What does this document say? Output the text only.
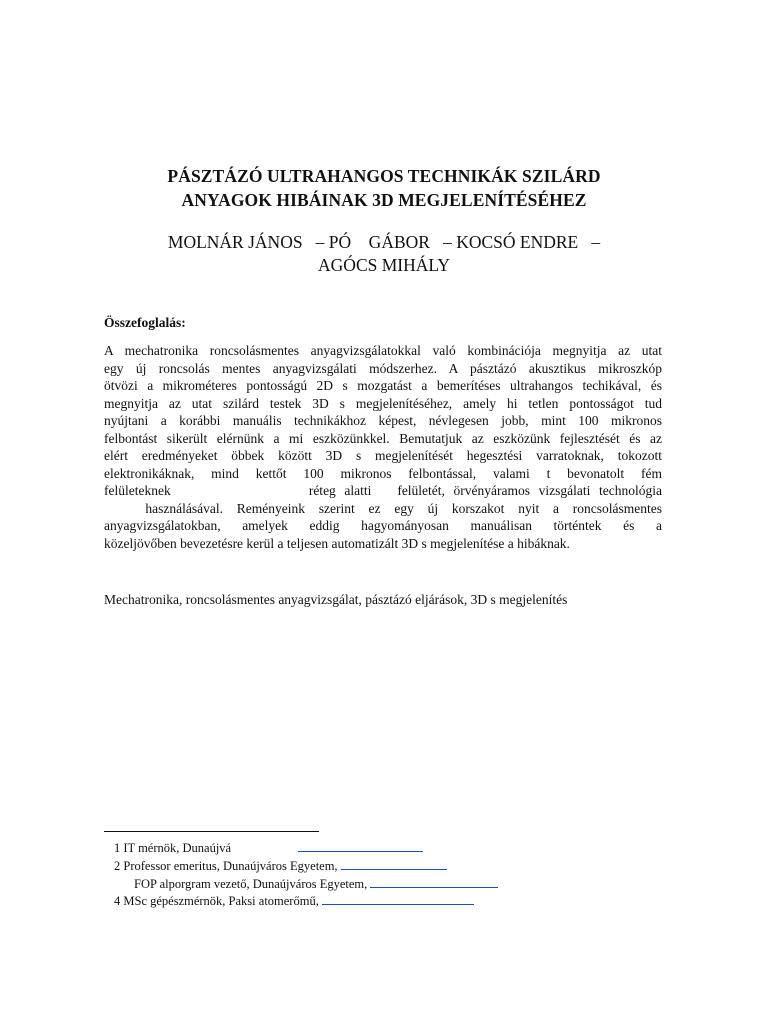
PÁSZTÁZÓ ULTRAHANGOS TECHNIKÁK SZILÁRD
ANYAGOK HIBÁINAK 3D MEGJELENÍTÉSÉHEZ
MOLNÁR JÁNOS   – PÓ    GÁBOR   – KOCSÓ ENDRE   –
AGÓCS MIHÁLY
Összefoglalás:
A mechatronika roncsolásmentes anyagvizsgálatokkal való kombinációja megnyitja az utat
egy új roncsolás mentes anyagvizsgálati módszerhez. A pásztázó akusztikus mikroszkóp
ötvözi a mikrométeres pontosságú 2D s mozgatást a bemerítéses ultrahangos techikával, és
megnyitja az utat szilárd testek 3D s megjelenítéséhez, amely hi tetlen pontosságot tud
nyújtani a korábbi manuális technikákhoz képest, névlegesen jobb, mint 100 mikronos
felbontást sikerült elérnünk a mi eszközünkkel. Bemutatjuk az eszközünk fejlesztését és az
elért eredményeket öbbek között 3D s megjelenítését hegesztési varratoknak, tokozott
elektronikáknak, mind kettőt 100 mikronos felbontással, valami t bevonatolt fém
felületeknek                réteg alatti   felületét, örvényáramos vizsgálati technológia
használásával. Reményeink szerint ez egy új korszakot nyit a roncsolásmentes
anyagvizsgálatokban, amelyek eddig hagyományosan manuálisan történtek és a
közeljövőben bevezetésre kerül a teljesen automatizált 3D s megjelenítése a hibáknak.
Mechatronika, roncsolásmentes anyagvizsgálat, pásztázó eljárások, 3D s megjelenítés
1 IT mérnök, Dunaújvá
2 Professor emeritus, Dunaújváros Egyetem,
FOP alporgram vezető, Dunaújváros Egyetem,
4 MSc gépészmérnök, Paksi atomerőmű,
